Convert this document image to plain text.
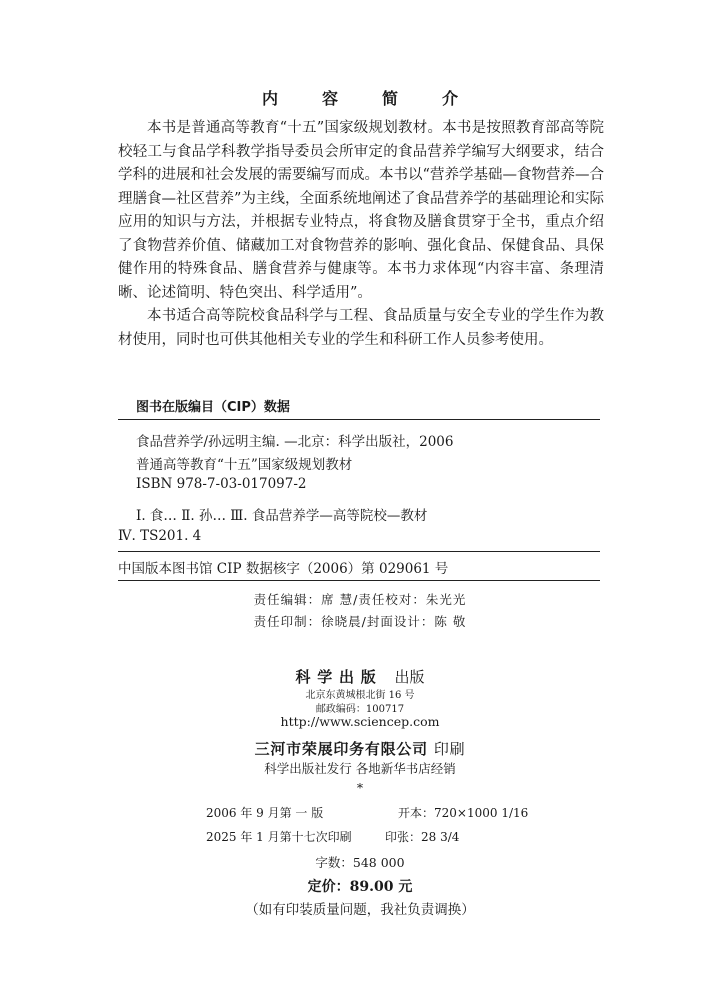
内 容 简 介

本书是普通高等教育“十五”国家级规划教材。本书是按照教育部高等院校轻工与食品学科教学指导委员会所审定的食品营养学编写大纲要求，结合学科的进展和社会发展的需要编写而成。本书以“营养学基础—食物营养—合理膳食—社区营养”为主线，全面系统地阐述了食品营养学的基础理论和实际应用的知识与方法，并根据专业特点，将食物及膳食贯穿于全书，重点介绍了食物营养价值、储藏加工对食物营养的影响、强化食品、保健食品、具保健作用的特殊食品、膳食营养与健康等。本书力求体现“内容丰富、条理清晰、论述简明、特色突出、科学适用”。

本书适合高等院校食品科学与工程、食品质量与安全专业的学生作为教材使用，同时也可供其他相关专业的学生和科研工作人员参考使用。

图书在版编目（CIP）数据
食品营养学/孙远明主编. —北京：科学出版社，2006
普通高等教育“十五”国家级规划教材
ISBN 978-7-03-017097-2
Ⅰ. 食… Ⅱ. 孙… Ⅲ. 食品营养学—高等院校—教材
Ⅳ. TS201. 4
中国版本图书馆 CIP 数据核字（2006）第 029061 号
责任编辑：席 慧/责任校对：朱光光
责任印制：徐晓晨/封面设计：陈 敬
科学出版 出版
北京东黄城根北街 16 号
邮政编码：100717
http://www.sciencep.com
三河市荣展印务有限公司 印刷
科学出版社发行 各地新华书店经销
*
2006 年 9 月第 一 版	开本：720×1000 1/16
2025 年 1 月第十七次印刷	印张：28 3/4
字数：548 000
定价：89.00 元
（如有印装质量问题，我社负责调换）
